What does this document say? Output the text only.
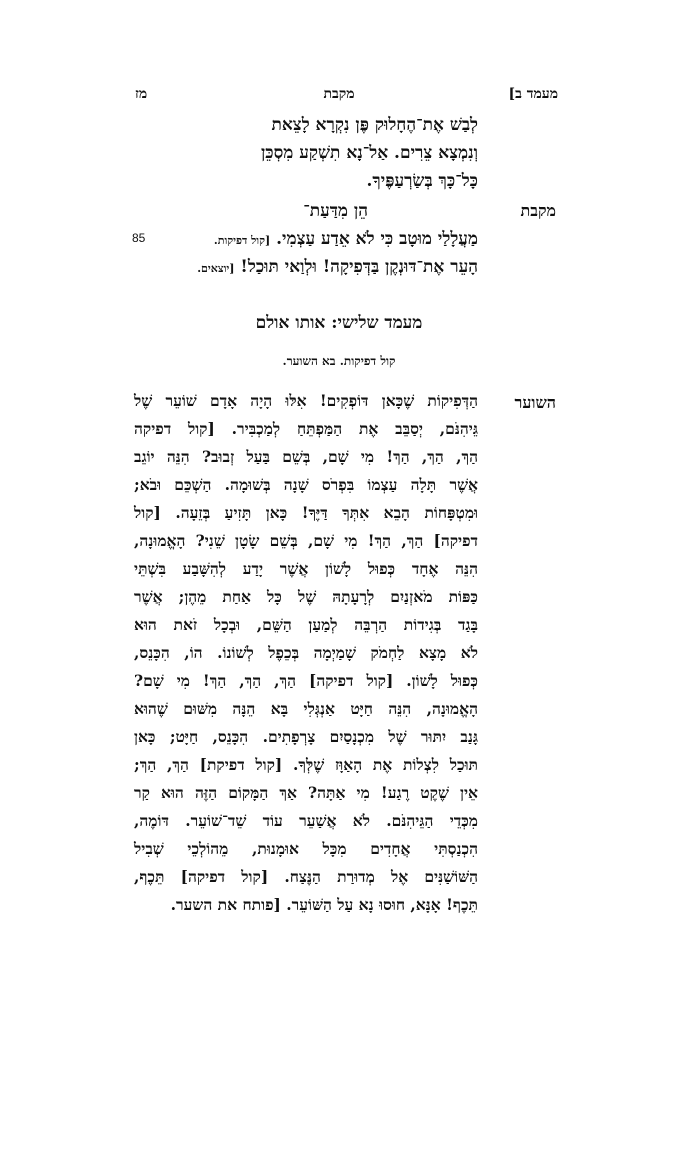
מעמד ב]
מקבת
מז
לְבַשׁ אֶת־הֶחָלוּק פֶּן נִקְרָא לָצֵאת
וְנִמְצָא צֵרִים. אַל־נָא תִשְׁקַע מִסְכֵּן
כָּל־כָּךְ בְּשַׂרְעַפֶּיךָ.
מקבת
הֵן מִדַּעַת־
מַעֲלָלַי מוּטָב כִּי לֹא אֵדַע עַצְמִי. [קול דפיקות.
85
הָעֵר אֶת־דּוּנְקֶן בַּדְּפִיקָה! וּלְוַאי תּוּכַל! [יוצאים.
מעמד שלישי: אותו אולם
קול דפיקות. בא השוער.
השוער
הַדְּפִיקוֹת שֶׁכָּאן דּוֹפְקִים! אִלּוּ הָיָה אָדָם שׁוֹעֵר שֶׁל
גֵּיהִנֹּם, יְסַבֵּב אֶת הַמַּפְתֵּחַ לְמַכְבִּיר. [קול דפיקה
הַךְ, הַךְ, הַךְ! מִי שָׁם, בְּשֵׁם בַּעַל זְבוּב? הִנֵּה יוֹגֵב
אֲשֶׁר תָּלָה עַצְמוֹ בִּפְרֹס שָׁנָה בְּשׁוּמָה. הַשְׁכֵּם וּבֹא;
וּמִטְפָּחוֹת הָבֵא אִתְּךָ דַּיֶּךָ! כָּאן תָּזִיעַ בְּזֵעָה. [קול
דפיקה] הַךְ, הַךְ! מִי שָׁם, בְּשֵׁם שָׂטָן שֵׁנִי? הָאֱמוּנָה,
הִנֵּה אֶחָד כְּפוּל לָשׁוֹן אֲשֶׁר יָדַע לְהִשָּׁבַע בִּשְׁתֵּי
כַּפּוֹת מֹאזְנַיִם לְרָעָתָהּ שֶׁל כָּל אַחַת מֵהֶן; אֲשֶׁר
בָּגַד בְּגִידוֹת הַרְבֵּה לְמַעַן הַשֵּׁם, וּבְכָל זֹאת הוּא
לֹא מָצָא לַחְמֹק שָׁמַיְמָה בְּכֵפֶל לְשׁוֹנוֹ. הוֹ, הִכָּנֵס,
כְּפוּל לָשׁוֹן. [קול דפיקה] הַךְ, הַךְ, הַךְ! מִי שָׁם?
הָאֱמוּנָה, הִנֵּה חַיָּט אַנְגְּלִי בָּא הֵנָּה מִשּׁוּם שֶׁהוּא
גָּנַב יִתּוּר שֶׁל מִכְנָסַיִם צָרְפָתִים. הִכָּנֵס, חַיָּט; כָּאן
תּוּכַל לִצְלוֹת אֶת הָאַוָּז שֶׁלְּךָ. [קול דפיקת] הַךְ, הַךְ;
אֵין שֶׁקֶט רֶגַע! מִי אַתָּה? אַךְ הַמָּקוֹם הַזֶּה הוּא קַר
מִכְּדֵי הַגֵּיהִנֹּם. לֹא אֲשַׁעֵר עוֹד שֵׁד־שׁוֹעֵר. דּוֹמֶה,
הִכְנַסְתִּי אֲחָדִים מִכָּל אוּמָנוּת, מֵהוֹלְכֵי שְׁבִיל
הַשּׁוֹשַׁנִּים אֶל מְדוּרַת הַנֶּצַח. [קול דפיקה] תֵּכֶף,
תֵּכֶף! אָנָּא, חוּסוּ נָא עַל הַשּׁוֹעֵר. [פותח את השער.
